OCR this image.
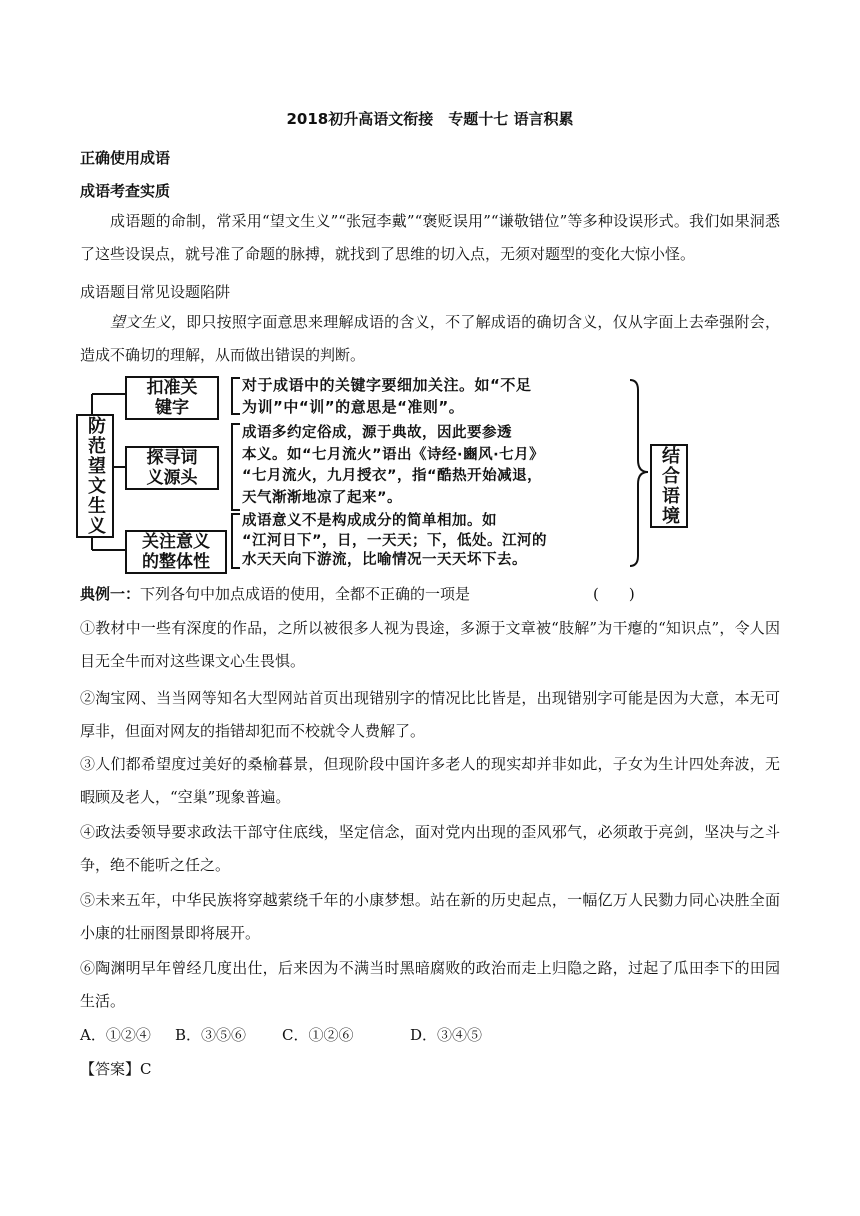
2018初升高语文衔接　专题十七 语言积累
正确使用成语
成语考查实质
成语题的命制，常采用“望文生义”“张冠李戴”“褒贬误用”“谦敬错位”等多种设误形式。我们如果洞悉了这些设误点，就号准了命题的脉搏，就找到了思维的切入点，无须对题型的变化大惊小怪。
成语题目常见设题陷阱
望文生义，即只按照字面意思来理解成语的含义，不了解成语的确切含义，仅从字面上去牵强附会，造成不确切的理解，从而做出错误的判断。
防范望文生义
扣准关
键字
探寻词
义源头
关注意义
的整体性
对于成语中的关键字要细加关注。如“不足
为训”中“训”的意思是“准则”。
成语多约定俗成，源于典故，因此要参透
本义。如“七月流火”语出《诗经·豳风·七月》
“七月流火，九月授衣”，指“酷热开始减退，
天气渐渐地凉了起来”。
成语意义不是构成成分的简单相加。如
“江河日下”，日，一天天；下，低处。江河的
水天天向下游流，比喻情况一天天坏下去。
结合语境
典例一：下列各句中加点成语的使用，全都不正确的一项是	(　　)
①教材中一些有深度的作品，之所以被很多人视为畏途，多源于文章被“肢解”为干瘪的“知识点”，令人因目无全牛而对这些课文心生畏惧。
②淘宝网、当当网等知名大型网站首页出现错别字的情况比比皆是，出现错别字可能是因为大意，本无可厚非，但面对网友的指错却犯而不校就令人费解了。
③人们都希望度过美好的桑榆暮景，但现阶段中国许多老人的现实却并非如此，子女为生计四处奔波，无暇顾及老人，“空巢”现象普遍。
④政法委领导要求政法干部守住底线，坚定信念，面对党内出现的歪风邪气，必须敢于亮剑，坚决与之斗争，绝不能听之任之。
⑤未来五年，中华民族将穿越萦绕千年的小康梦想。站在新的历史起点，一幅亿万人民勠力同心决胜全面小康的壮丽图景即将展开。
⑥陶渊明早年曾经几度出仕，后来因为不满当时黑暗腐败的政治而走上归隐之路，过起了瓜田李下的田园生活。
A．①②④ B．③⑤⑥ C．①②⑥	D．③④⑤
【答案】C
